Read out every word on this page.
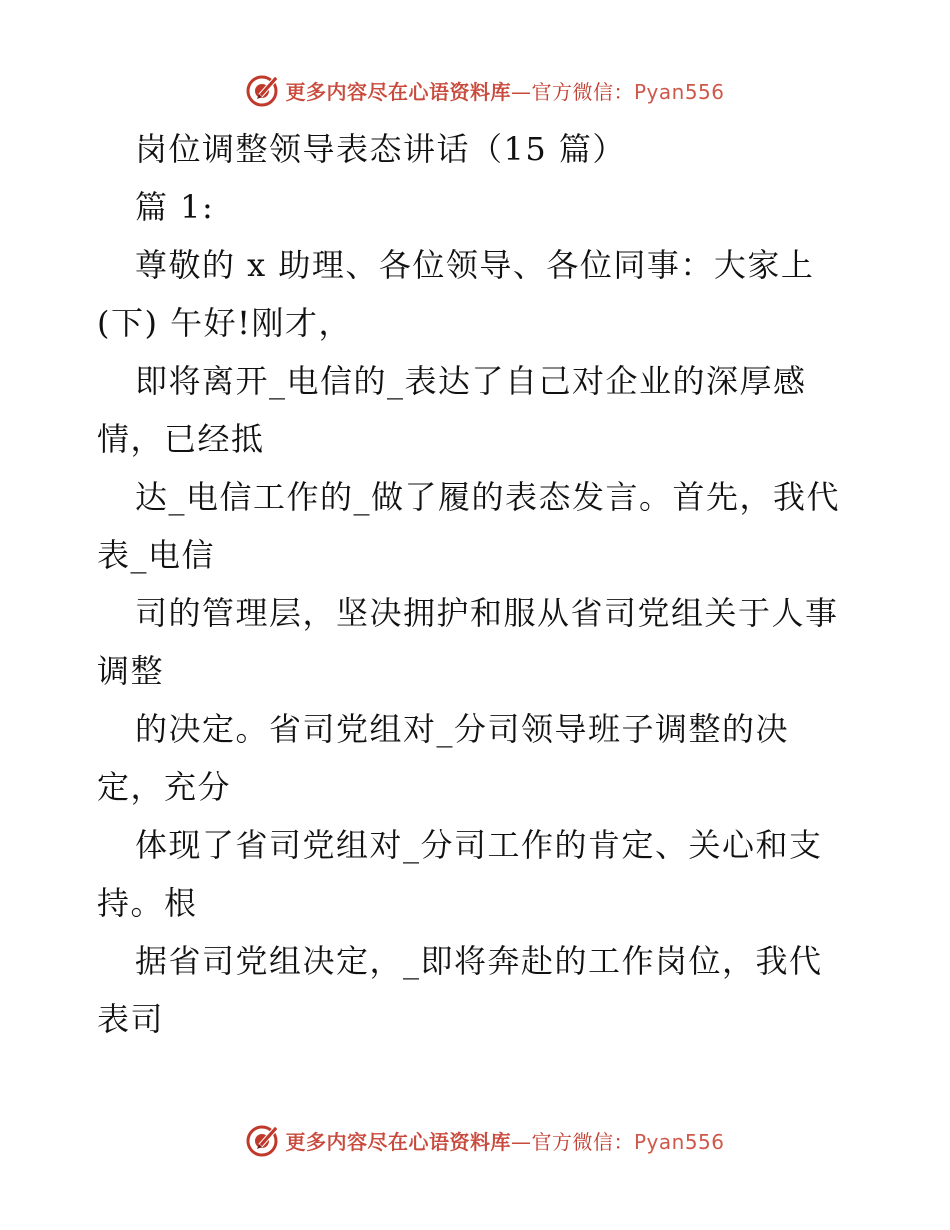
更多内容尽在心语资料库—官方微信：Pyan556
岗位调整领导表态讲话（15 篇）
篇 1:
尊敬的 x 助理、各位领导、各位同事：大家上
(下) 午好!刚才，
即将离开_电信的_表达了自己对企业的深厚感
情，已经抵
达_电信工作的_做了履的表态发言。首先，我代
表_电信
司的管理层，坚决拥护和服从省司党组关于人事
调整
的决定。省司党组对_分司领导班子调整的决
定，充分
体现了省司党组对_分司工作的肯定、关心和支
持。根
据省司党组决定，_即将奔赴的工作岗位，我代
表司
更多内容尽在心语资料库—官方微信：Pyan556
